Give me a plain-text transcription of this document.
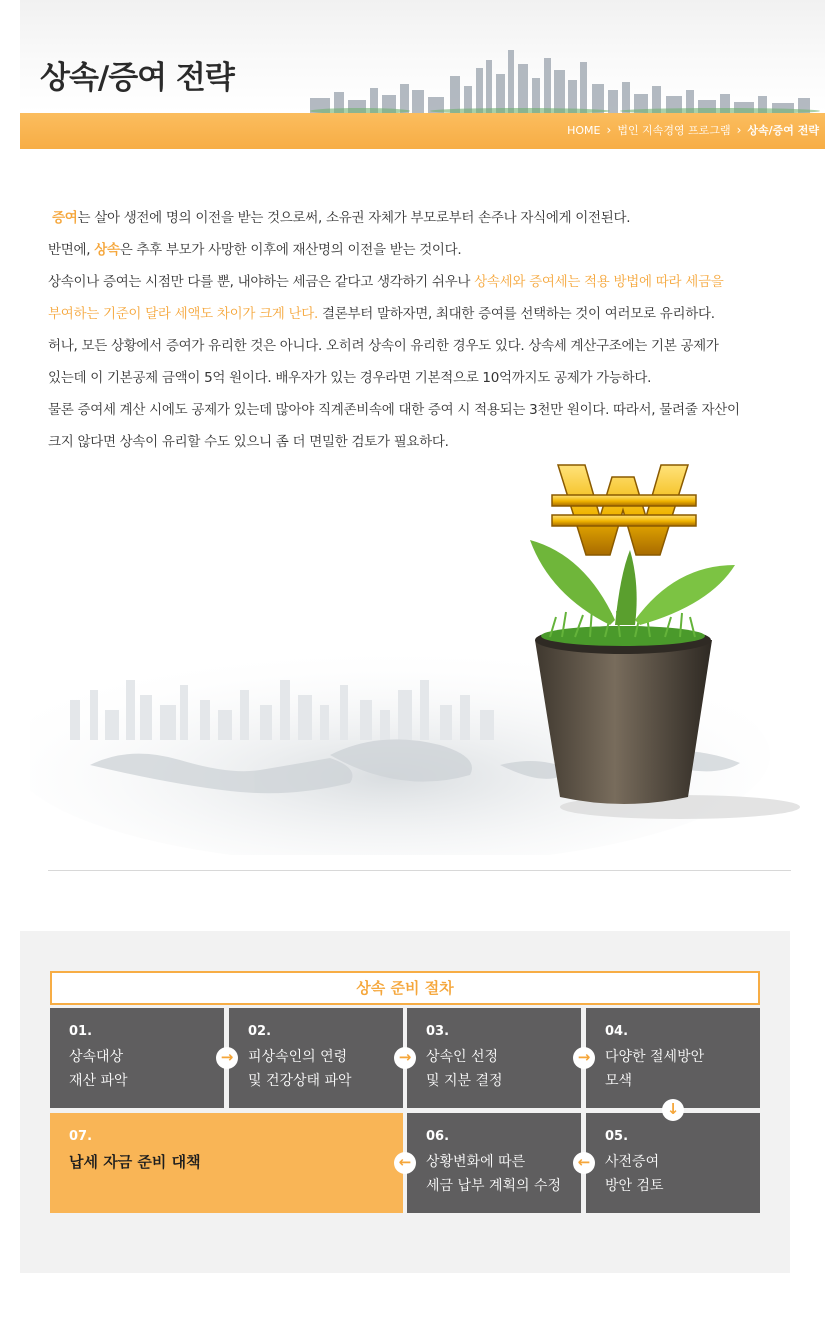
상속/증여 전략
HOME › 법인 지속경영 프로그램 › 상속/증여 전략

증여는 살아 생전에 명의 이전을 받는 것으로써, 소유권 자체가 부모로부터 손주나 자식에게 이전된다.

반면에, 상속은 추후 부모가 사망한 이후에 재산명의 이전을 받는 것이다.

상속이나 증여는 시점만 다를 뿐, 내야하는 세금은 같다고 생각하기 쉬우나 상속세와 증여세는 적용 방법에 따라 세금을

부여하는 기준이 달라 세액도 차이가 크게 난다. 결론부터 말하자면, 최대한 증여를 선택하는 것이 여러모로 유리하다.

허나, 모든 상황에서 증여가 유리한 것은 아니다. 오히려 상속이 유리한 경우도 있다. 상속세 계산구조에는 기본 공제가

있는데 이 기본공제 금액이 5억 원이다. 배우자가 있는 경우라면 기본적으로 10억까지도 공제가 가능하다.

물론 증여세 계산 시에도 공제가 있는데 많아야 직계존비속에 대한 증여 시 적용되는 3천만 원이다. 따라서, 물려줄 자산이

크지 않다면 상속이 유리할 수도 있으니 좀 더 면밀한 검토가 필요하다.

상속 준비 절차
01.
상속대상
재산 파악
02.
피상속인의 연령
및 건강상태 파악
03.
상속인 선정
및 지분 결정
04.
다양한 절세방안
모색
07.
납세 자금 준비 대책
06.
상황변화에 따른
세금 납부 계획의 수정
05.
사전증여
방안 검토
→	→	→
↓
←
←
